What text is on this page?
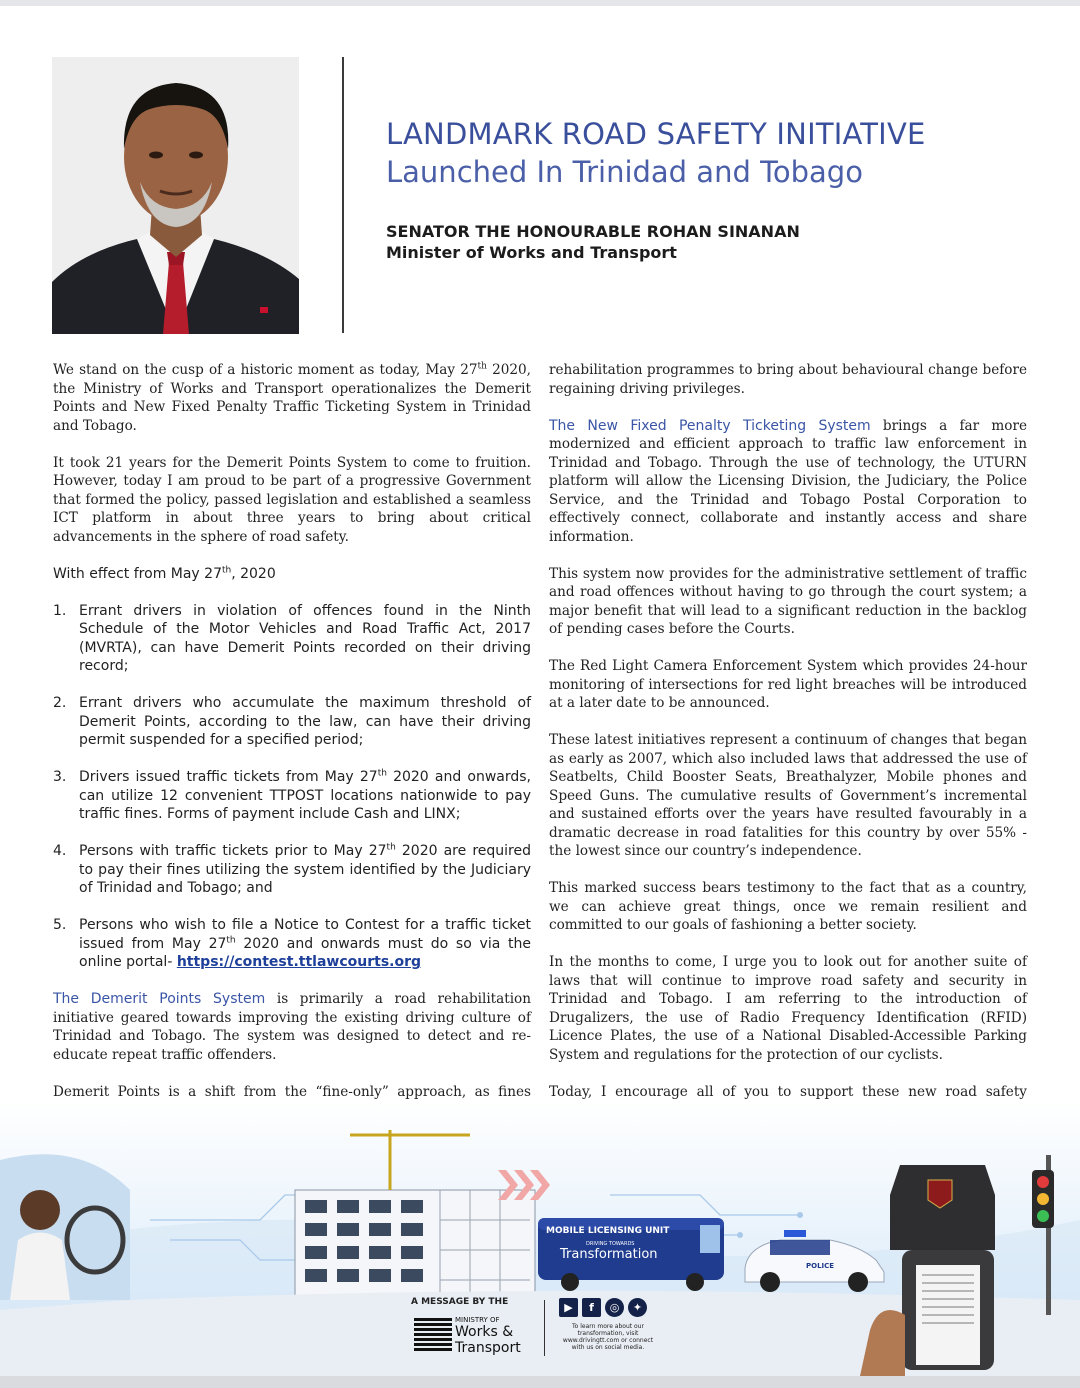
LANDMARK ROAD SAFETY INITIATIVE
Launched In Trinidad and Tobago
SENATOR THE HONOURABLE ROHAN SINANAN
Minister of Works and Transport

We stand on the cusp of a historic moment as today, May 27th 2020, the Ministry of Works and Transport operationalizes the Demerit Points and New Fixed Penalty Traffic Ticketing System in Trinidad and Tobago.

It took 21 years for the Demerit Points System to come to fruition. However, today I am proud to be part of a progressive Government that formed the policy, passed legislation and established a seamless ICT platform in about three years to bring about critical advancements in the sphere of road safety.

With effect from May 27th, 2020

1. Errant drivers in violation of offences found in the Ninth Schedule of the Motor Vehicles and Road Traffic Act, 2017 (MVRTA), can have Demerit Points recorded on their driving record;
2. Errant drivers who accumulate the maximum threshold of Demerit Points, according to the law, can have their driving permit suspended for a specified period;
3. Drivers issued traffic tickets from May 27th 2020 and onwards, can utilize 12 convenient TTPOST locations nationwide to pay traffic fines. Forms of payment include Cash and LINX;
4. Persons with traffic tickets prior to May 27th 2020 are required to pay their fines utilizing the system identified by the Judiciary of Trinidad and Tobago; and
5. Persons who wish to file a Notice to Contest for a traffic ticket issued from May 27th 2020 and onwards must do so via the online portal- https://contest.ttlawcourts.org

The Demerit Points System is primarily a road rehabilitation initiative geared towards improving the existing driving culture of Trinidad and Tobago. The system was designed to detect and re-educate repeat traffic offenders.

Demerit Points is a shift from the “fine-only” approach, as fines

rehabilitation programmes to bring about behavioural change before regaining driving privileges.

The New Fixed Penalty Ticketing System brings a far more modernized and efficient approach to traffic law enforcement in Trinidad and Tobago. Through the use of technology, the UTURN platform will allow the Licensing Division, the Judiciary, the Police Service, and the Trinidad and Tobago Postal Corporation to effectively connect, collaborate and instantly access and share information.

This system now provides for the administrative settlement of traffic and road offences without having to go through the court system; a major benefit that will lead to a significant reduction in the backlog of pending cases before the Courts.

The Red Light Camera Enforcement System which provides 24-hour monitoring of intersections for red light breaches will be introduced at a later date to be announced.

These latest initiatives represent a continuum of changes that began as early as 2007, which also included laws that addressed the use of Seatbelts, Child Booster Seats, Breathalyzer, Mobile phones and Speed Guns. The cumulative results of Government’s incremental and sustained efforts over the years have resulted favourably in a dramatic decrease in road fatalities for this country by over 55% - the lowest since our country’s independence.

This marked success bears testimony to the fact that as a country, we can achieve great things, once we remain resilient and committed to our goals of fashioning a better society.

In the months to come, I urge you to look out for another suite of laws that will continue to improve road safety and security in Trinidad and Tobago. I am referring to the introduction of Drugalizers, the use of Radio Frequency Identification (RFID) Licence Plates, the use of a National Disabled-Accessible Parking System and regulations for the protection of our cyclists.

Today, I encourage all of you to support these new road safety

MOBILE LICENSING UNIT
DRIVING TOWARDS
Transformation
POLICE
A MESSAGE BY THE
MINISTRY OF
Works &
Transport
▶	f	◎	✦
To learn more about our transformation, visit www.drivingtt.com or connect with us on social media.
